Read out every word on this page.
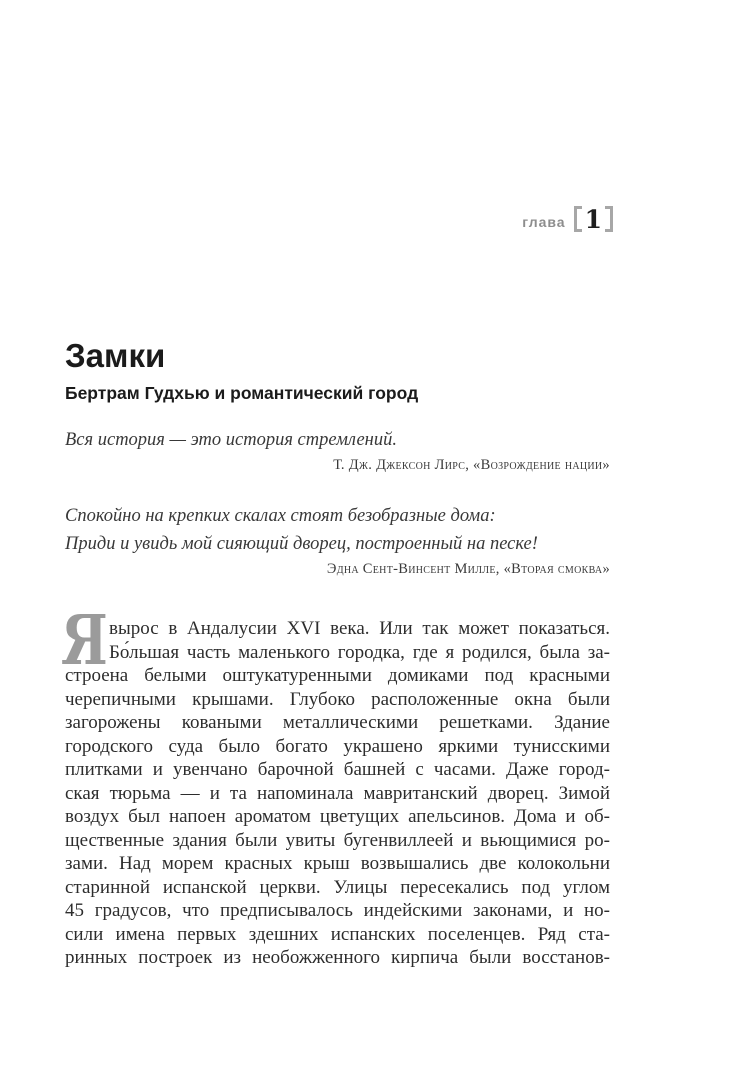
глава 1
Замки
Бертрам Гудхью и романтический город
Вся история — это история стремлений.
Т. Дж. Джексон Лирс, «Возрождение нации»
Спокойно на крепких скалах стоят безобразные дома:
Приди и увидь мой сияющий дворец, построенный на песке!
Эдна Сент-Винсент Милле, «Вторая смоква»
Я вырос в Андалусии XVI века. Или так может показаться.
Бо́льшая часть маленького городка, где я родился, была за-
строена белыми оштукатуренными домиками под красными
черепичными крышами. Глубоко расположенные окна были
загорожены коваными металлическими решетками. Здание
городского суда было богато украшено яркими тунисскими
плитками и увенчано барочной башней с часами. Даже город-
ская тюрьма — и та напоминала мавританский дворец. Зимой
воздух был напоен ароматом цветущих апельсинов. Дома и об-
щественные здания были увиты бугенвиллеей и вьющимися ро-
зами. Над морем красных крыш возвышались две колокольни
старинной испанской церкви. Улицы пересекались под углом
45 градусов, что предписывалось индейскими законами, и но-
сили имена первых здешних испанских поселенцев. Ряд ста-
ринных построек из необожженного кирпича были восстанов-
